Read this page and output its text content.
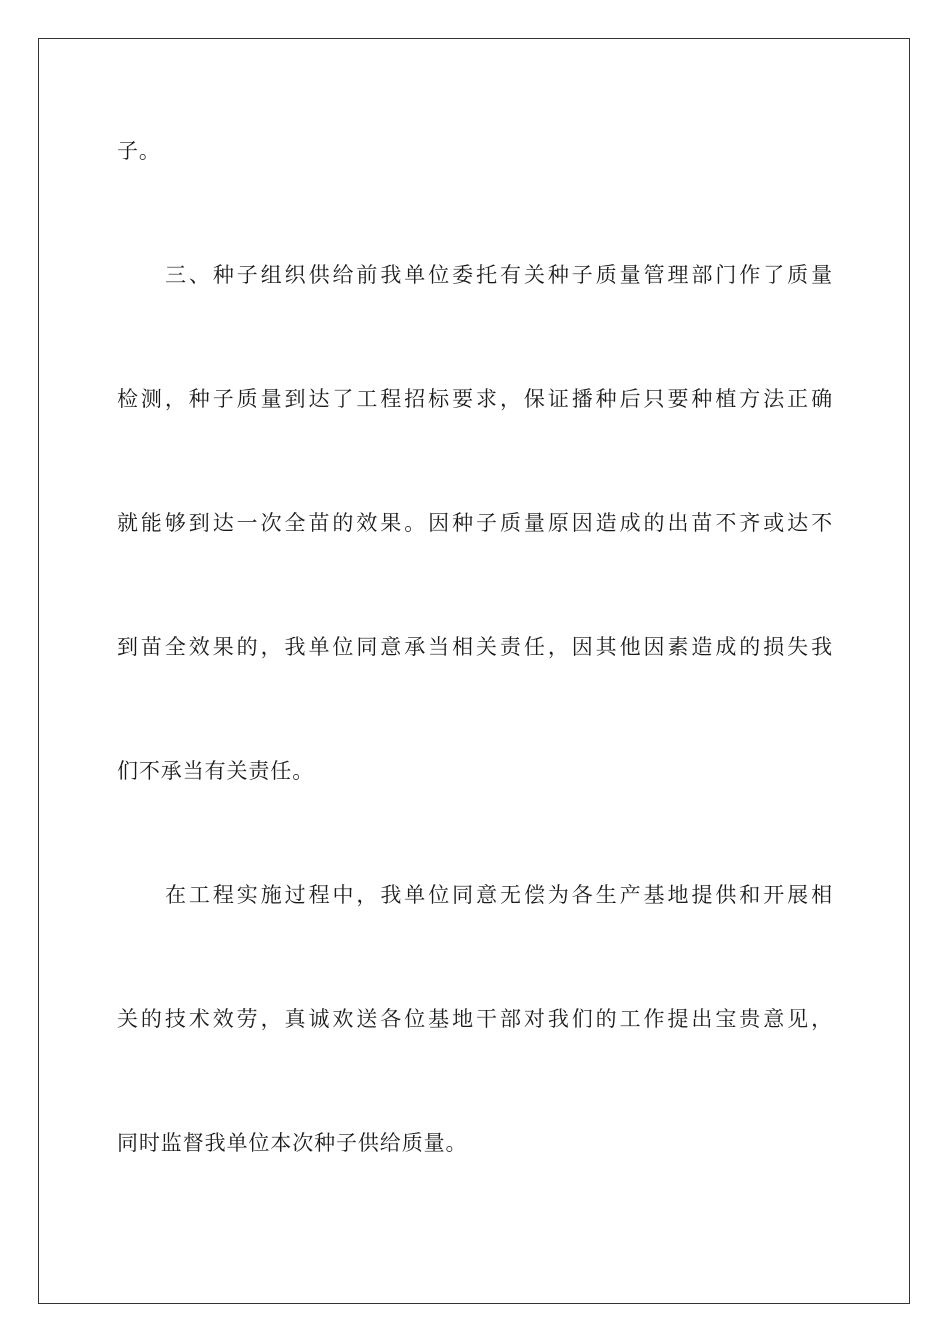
子。
三、种子组织供给前我单位委托有关种子质量管理部门作了质量
检测，种子质量到达了工程招标要求，保证播种后只要种植方法正确
就能够到达一次全苗的效果。因种子质量原因造成的出苗不齐或达不
到苗全效果的，我单位同意承当相关责任，因其他因素造成的损失我
们不承当有关责任。
在工程实施过程中，我单位同意无偿为各生产基地提供和开展相
关的技术效劳，真诚欢送各位基地干部对我们的工作提出宝贵意见，
同时监督我单位本次种子供给质量。
